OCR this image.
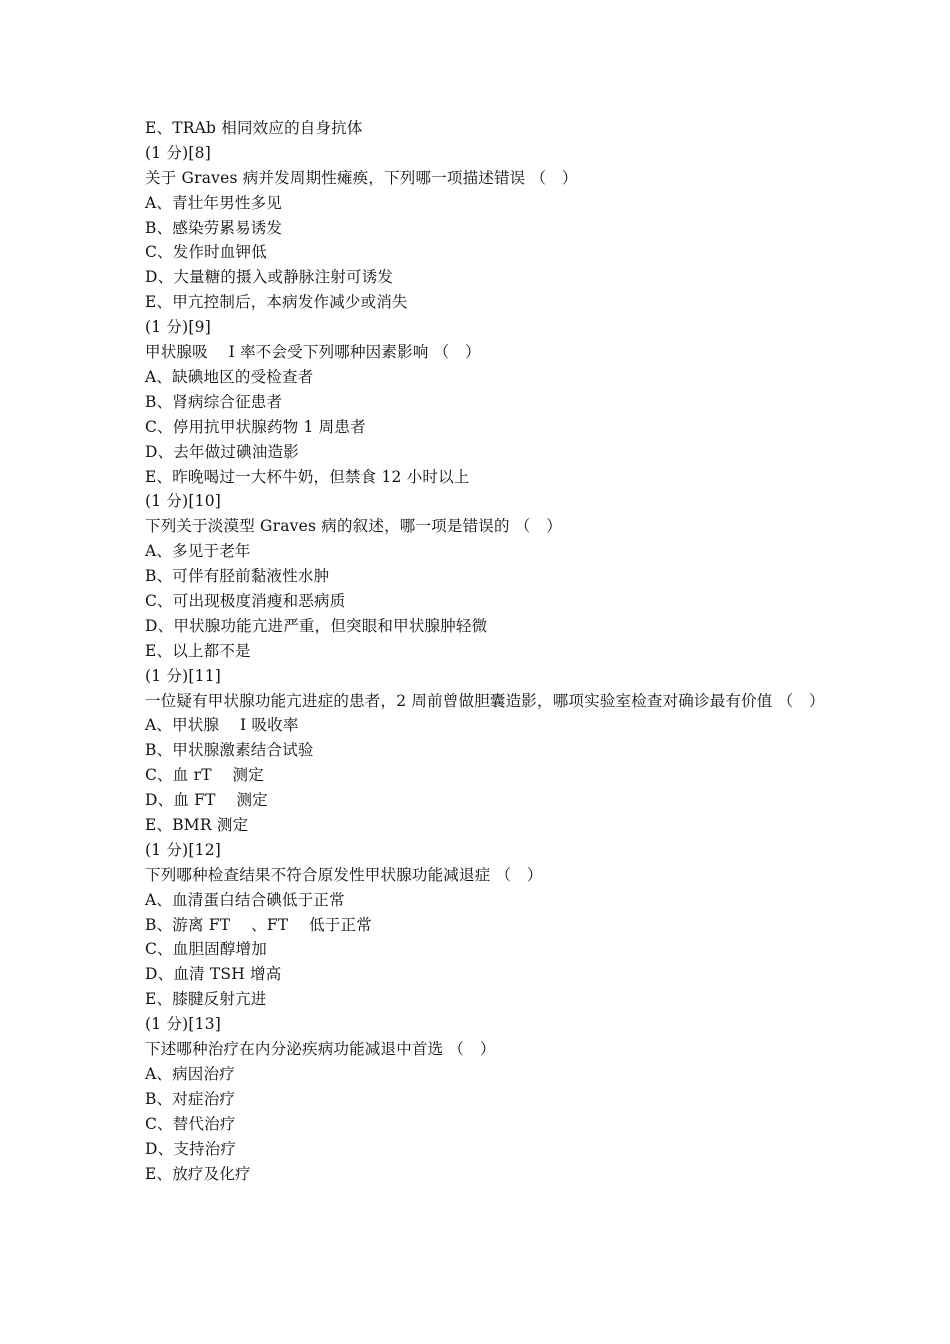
E、TRAb 相同效应的自身抗体
(1 分)[8]
关于 Graves 病并发周期性瘫痪，下列哪一项描述错误 （　）
A、青壮年男性多见
B、感染劳累易诱发
C、发作时血钾低
D、大量糖的摄入或静脉注射可诱发
E、甲亢控制后，本病发作减少或消失
(1 分)[9]
甲状腺吸　 I 率不会受下列哪种因素影响 （　）
A、缺碘地区的受检查者
B、肾病综合征患者
C、停用抗甲状腺药物 1 周患者
D、去年做过碘油造影
E、昨晚喝过一大杯牛奶，但禁食 12 小时以上
(1 分)[10]
下列关于淡漠型 Graves 病的叙述，哪一项是错误的 （　）
A、多见于老年
B、可伴有胫前黏液性水肿
C、可出现极度消瘦和恶病质
D、甲状腺功能亢进严重，但突眼和甲状腺肿轻微
E、以上都不是
(1 分)[11]
一位疑有甲状腺功能亢进症的患者，2 周前曾做胆囊造影，哪项实验室检查对确诊最有价值 （　）
A、甲状腺　 I 吸收率
B、甲状腺激素结合试验
C、血 rT　 测定
D、血 FT　 测定
E、BMR 测定
(1 分)[12]
下列哪种检查结果不符合原发性甲状腺功能减退症 （　）
A、血清蛋白结合碘低于正常
B、游离 FT　 、FT　 低于正常
C、血胆固醇增加
D、血清 TSH 增高
E、膝腱反射亢进
(1 分)[13]
下述哪种治疗在内分泌疾病功能减退中首选 （　）
A、病因治疗
B、对症治疗
C、替代治疗
D、支持治疗
E、放疗及化疗
